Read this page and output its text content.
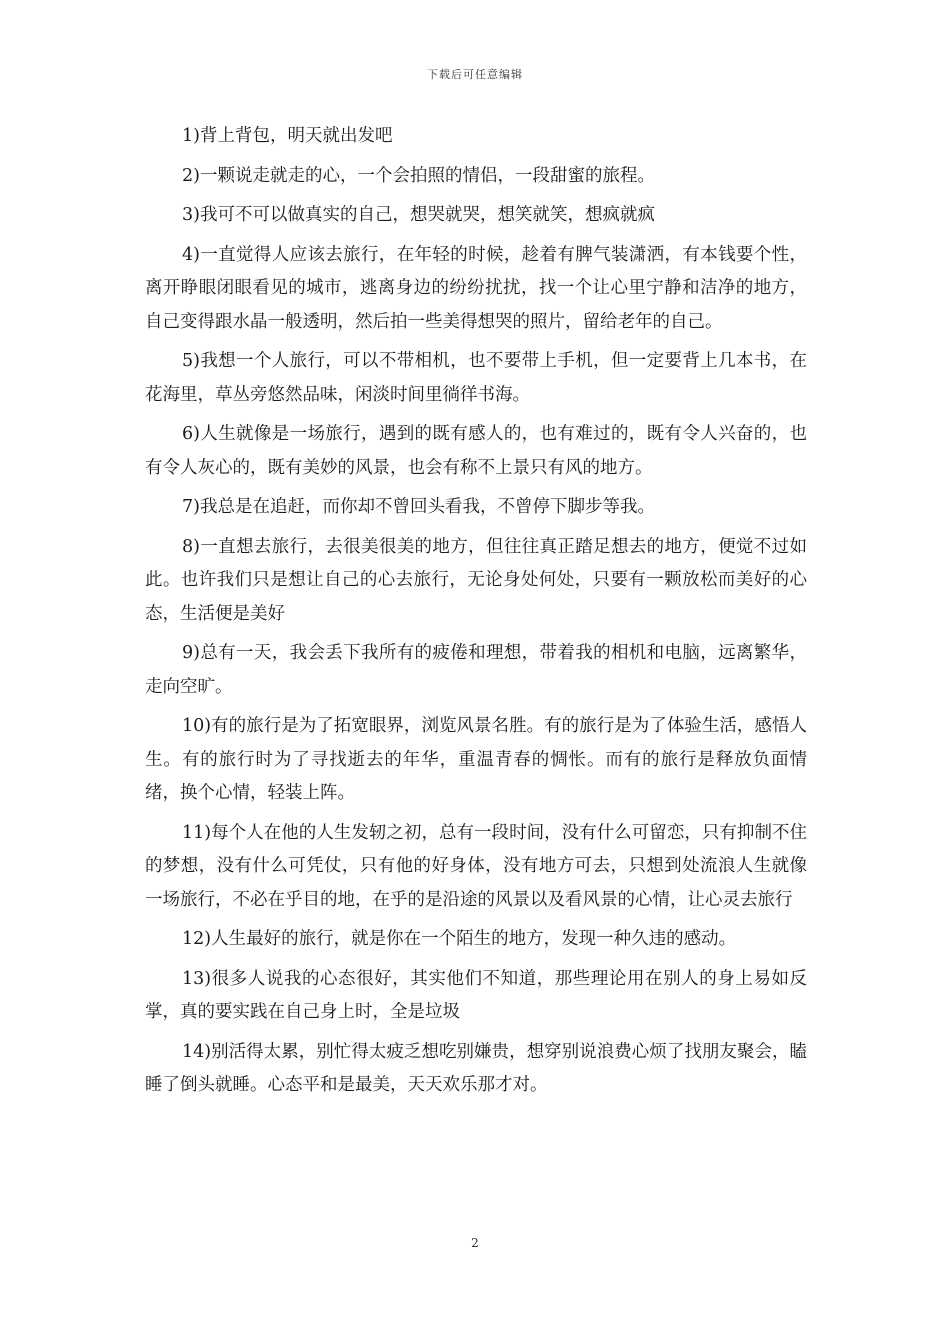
下载后可任意编辑

1)背上背包，明天就出发吧

2)一颗说走就走的心，一个会拍照的情侣，一段甜蜜的旅程。

3)我可不可以做真实的自己，想哭就哭，想笑就笑，想疯就疯

4)一直觉得人应该去旅行，在年轻的时候，趁着有脾气装潇洒，有本钱要个性，离开睁眼闭眼看见的城市，逃离身边的纷纷扰扰，找一个让心里宁静和洁净的地方，自己变得跟水晶一般透明，然后拍一些美得想哭的照片，留给老年的自己。

5)我想一个人旅行，可以不带相机，也不要带上手机，但一定要背上几本书，在花海里，草丛旁悠然品味，闲淡时间里徜徉书海。

6)人生就像是一场旅行，遇到的既有感人的，也有难过的，既有令人兴奋的，也有令人灰心的，既有美妙的风景，也会有称不上景只有风的地方。

7)我总是在追赶，而你却不曾回头看我，不曾停下脚步等我。

8)一直想去旅行，去很美很美的地方，但往往真正踏足想去的地方，便觉不过如此。也许我们只是想让自己的心去旅行，无论身处何处，只要有一颗放松而美好的心态，生活便是美好

9)总有一天，我会丢下我所有的疲倦和理想，带着我的相机和电脑，远离繁华，走向空旷。

10)有的旅行是为了拓宽眼界，浏览风景名胜。有的旅行是为了体验生活，感悟人生。有的旅行时为了寻找逝去的年华，重温青春的惆怅。而有的旅行是释放负面情绪，换个心情，轻装上阵。

11)每个人在他的人生发轫之初，总有一段时间，没有什么可留恋，只有抑制不住的梦想，没有什么可凭仗，只有他的好身体，没有地方可去，只想到处流浪人生就像一场旅行，不必在乎目的地，在乎的是沿途的风景以及看风景的心情，让心灵去旅行

12)人生最好的旅行，就是你在一个陌生的地方，发现一种久违的感动。

13)很多人说我的心态很好，其实他们不知道，那些理论用在别人的身上易如反掌，真的要实践在自己身上时，全是垃圾

14)别活得太累，别忙得太疲乏想吃别嫌贵，想穿别说浪费心烦了找朋友聚会，瞌睡了倒头就睡。心态平和是最美，天天欢乐那才对。

2
